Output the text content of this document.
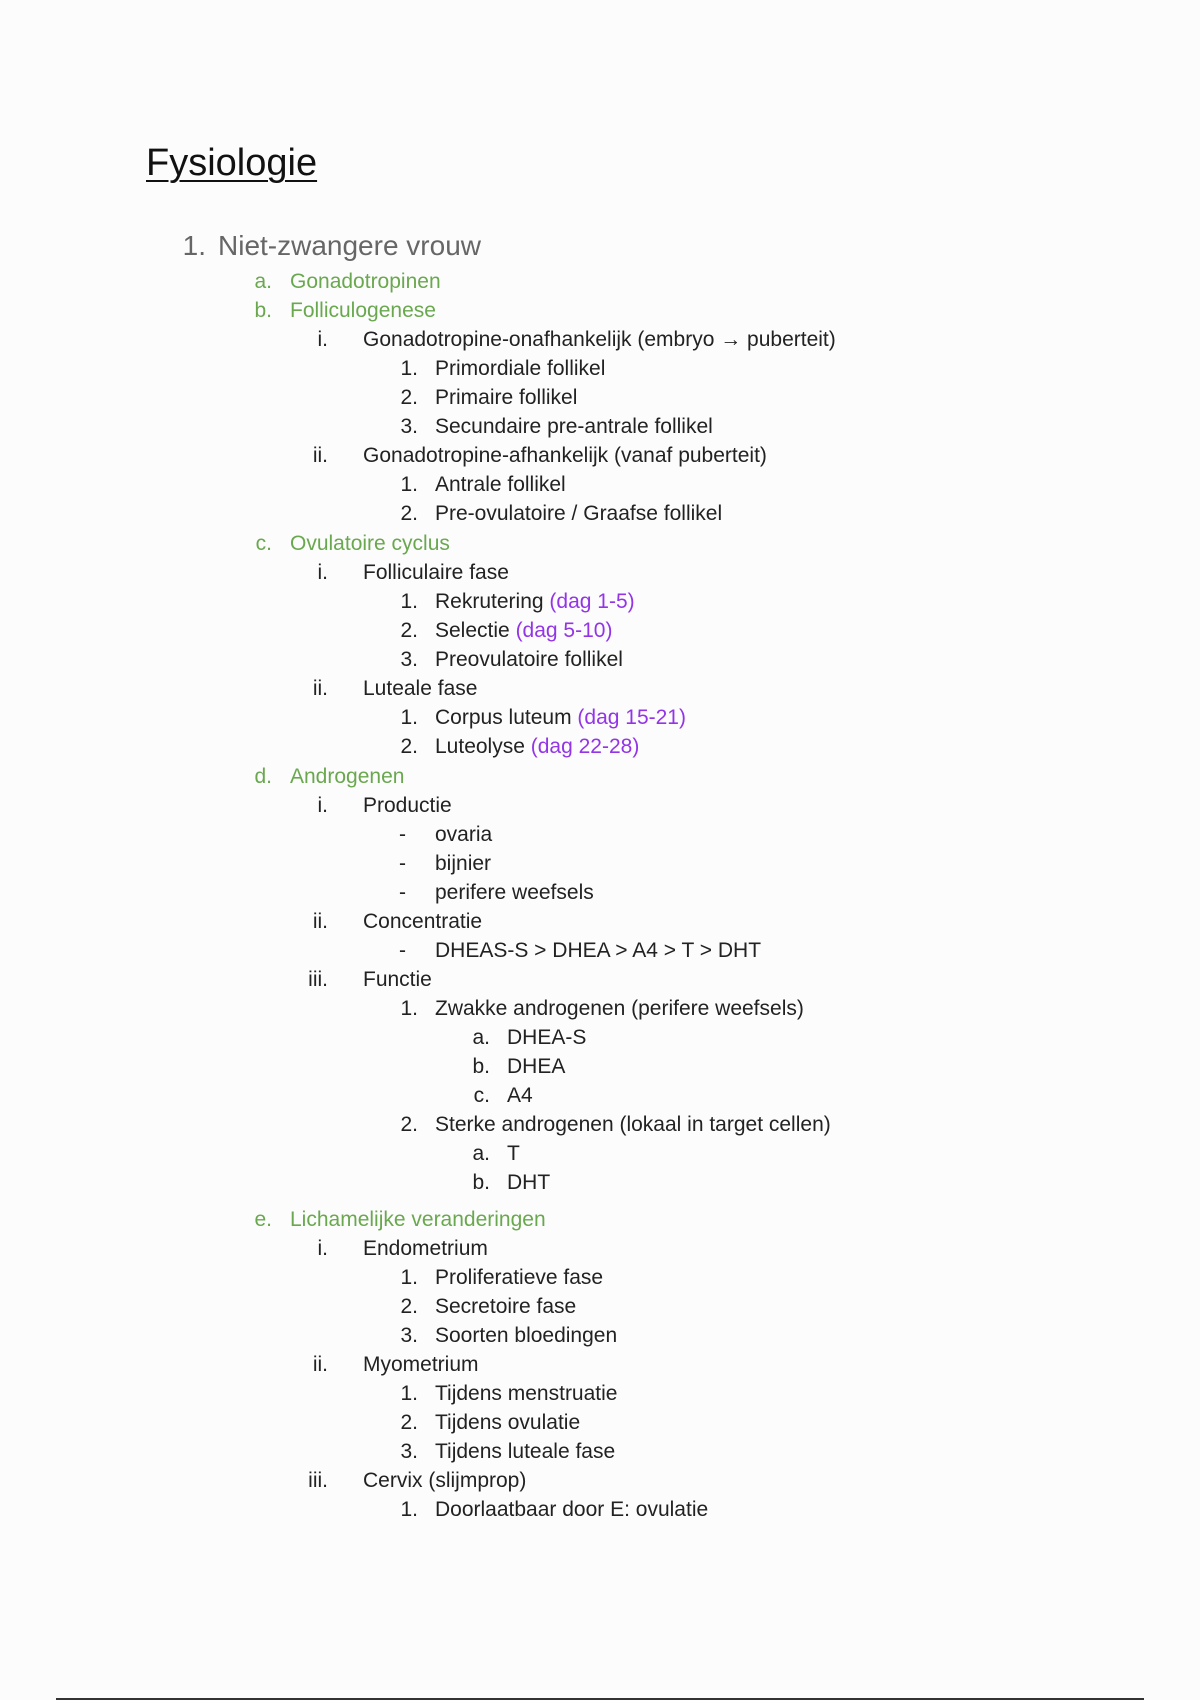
Fysiologie
1. Niet-zwangere vrouw
a. Gonadotropinen
b. Folliculogenese
i. Gonadotropine-onafhankelijk (embryo → puberteit)
1. Primordiale follikel
2. Primaire follikel
3. Secundaire pre-antrale follikel
ii. Gonadotropine-afhankelijk (vanaf puberteit)
1. Antrale follikel
2. Pre-ovulatoire / Graafse follikel
c. Ovulatoire cyclus
i. Folliculaire fase
1. Rekrutering (dag 1-5)
2. Selectie (dag 5-10)
3. Preovulatoire follikel
ii. Luteale fase
1. Corpus luteum (dag 15-21)
2. Luteolyse (dag 22-28)
d. Androgenen
i. Productie
- ovaria
- bijnier
- perifere weefsels
ii. Concentratie
- DHEAS-S > DHEA > A4 > T > DHT
iii. Functie
1. Zwakke androgenen (perifere weefsels)
a. DHEA-S
b. DHEA
c. A4
2. Sterke androgenen (lokaal in target cellen)
a. T
b. DHT
e. Lichamelijke veranderingen
i. Endometrium
1. Proliferatieve fase
2. Secretoire fase
3. Soorten bloedingen
ii. Myometrium
1. Tijdens menstruatie
2. Tijdens ovulatie
3. Tijdens luteale fase
iii. Cervix (slijmprop)
1. Doorlaatbaar door E: ovulatie
